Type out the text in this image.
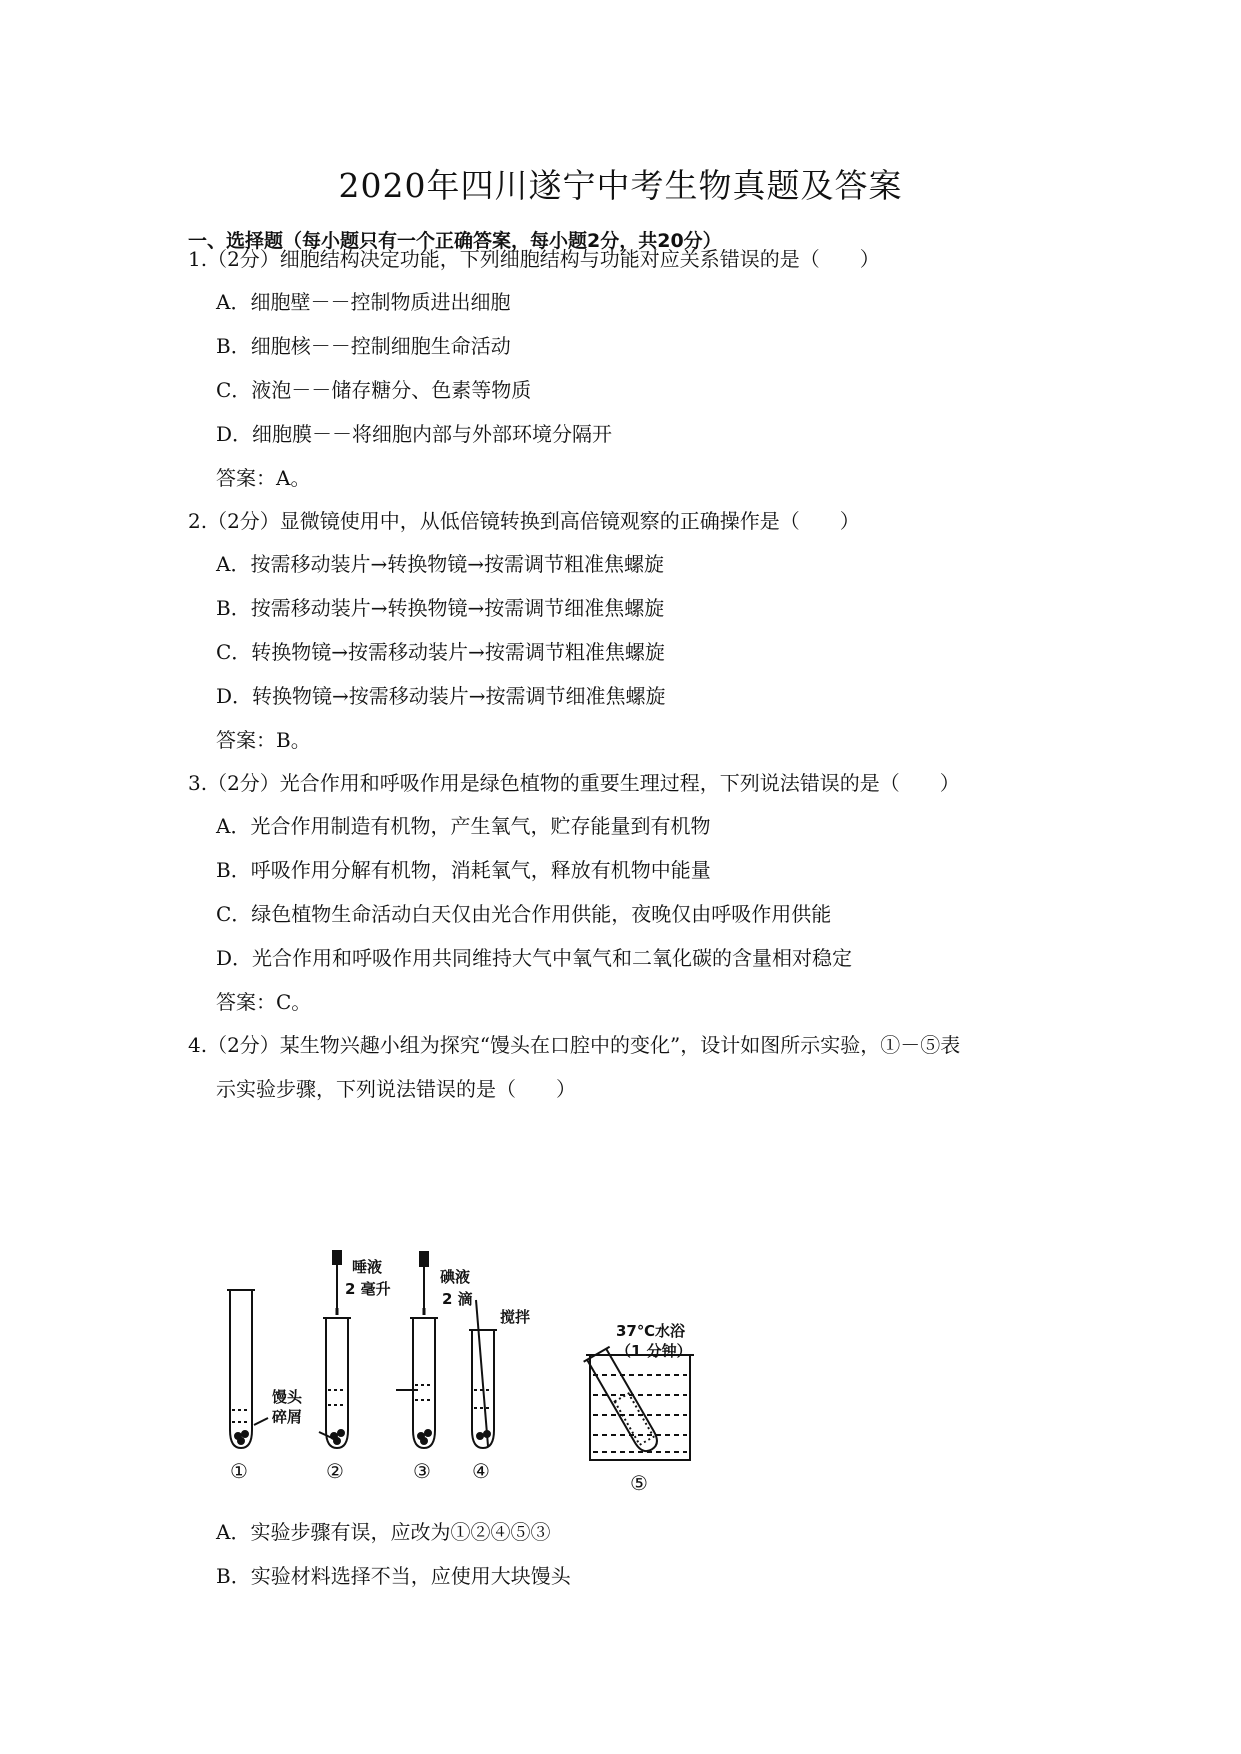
2020年四川遂宁中考生物真题及答案
一、选择题（每小题只有一个正确答案，每小题2分，共20分）
1.（2分）细胞结构决定功能，下列细胞结构与功能对应关系错误的是（　　）
A．细胞壁－－控制物质进出细胞
B．细胞核－－控制细胞生命活动
C．液泡－－储存糖分、色素等物质
D．细胞膜－－将细胞内部与外部环境分隔开
答案：A。
2.（2分）显微镜使用中，从低倍镜转换到高倍镜观察的正确操作是（　　）
A．按需移动装片→转换物镜→按需调节粗准焦螺旋
B．按需移动装片→转换物镜→按需调节细准焦螺旋
C．转换物镜→按需移动装片→按需调节粗准焦螺旋
D．转换物镜→按需移动装片→按需调节细准焦螺旋
答案：B。
3.（2分）光合作用和呼吸作用是绿色植物的重要生理过程，下列说法错误的是（　　）
A．光合作用制造有机物，产生氧气，贮存能量到有机物
B．呼吸作用分解有机物，消耗氧气，释放有机物中能量
C．绿色植物生命活动白天仅由光合作用供能，夜晚仅由呼吸作用供能
D．光合作用和呼吸作用共同维持大气中氧气和二氧化碳的含量相对稳定
答案：C。
4.（2分）某生物兴趣小组为探究“馒头在口腔中的变化”，设计如图所示实验，①－⑤表
示实验步骤，下列说法错误的是（　　）
馒头
碎屑
唾液
2 毫升
碘液
2 滴
搅拌
37℃水浴
（1 分钟）
①	②	③ ④	⑤
A．实验步骤有误，应改为①②④⑤③
B．实验材料选择不当，应使用大块馒头
